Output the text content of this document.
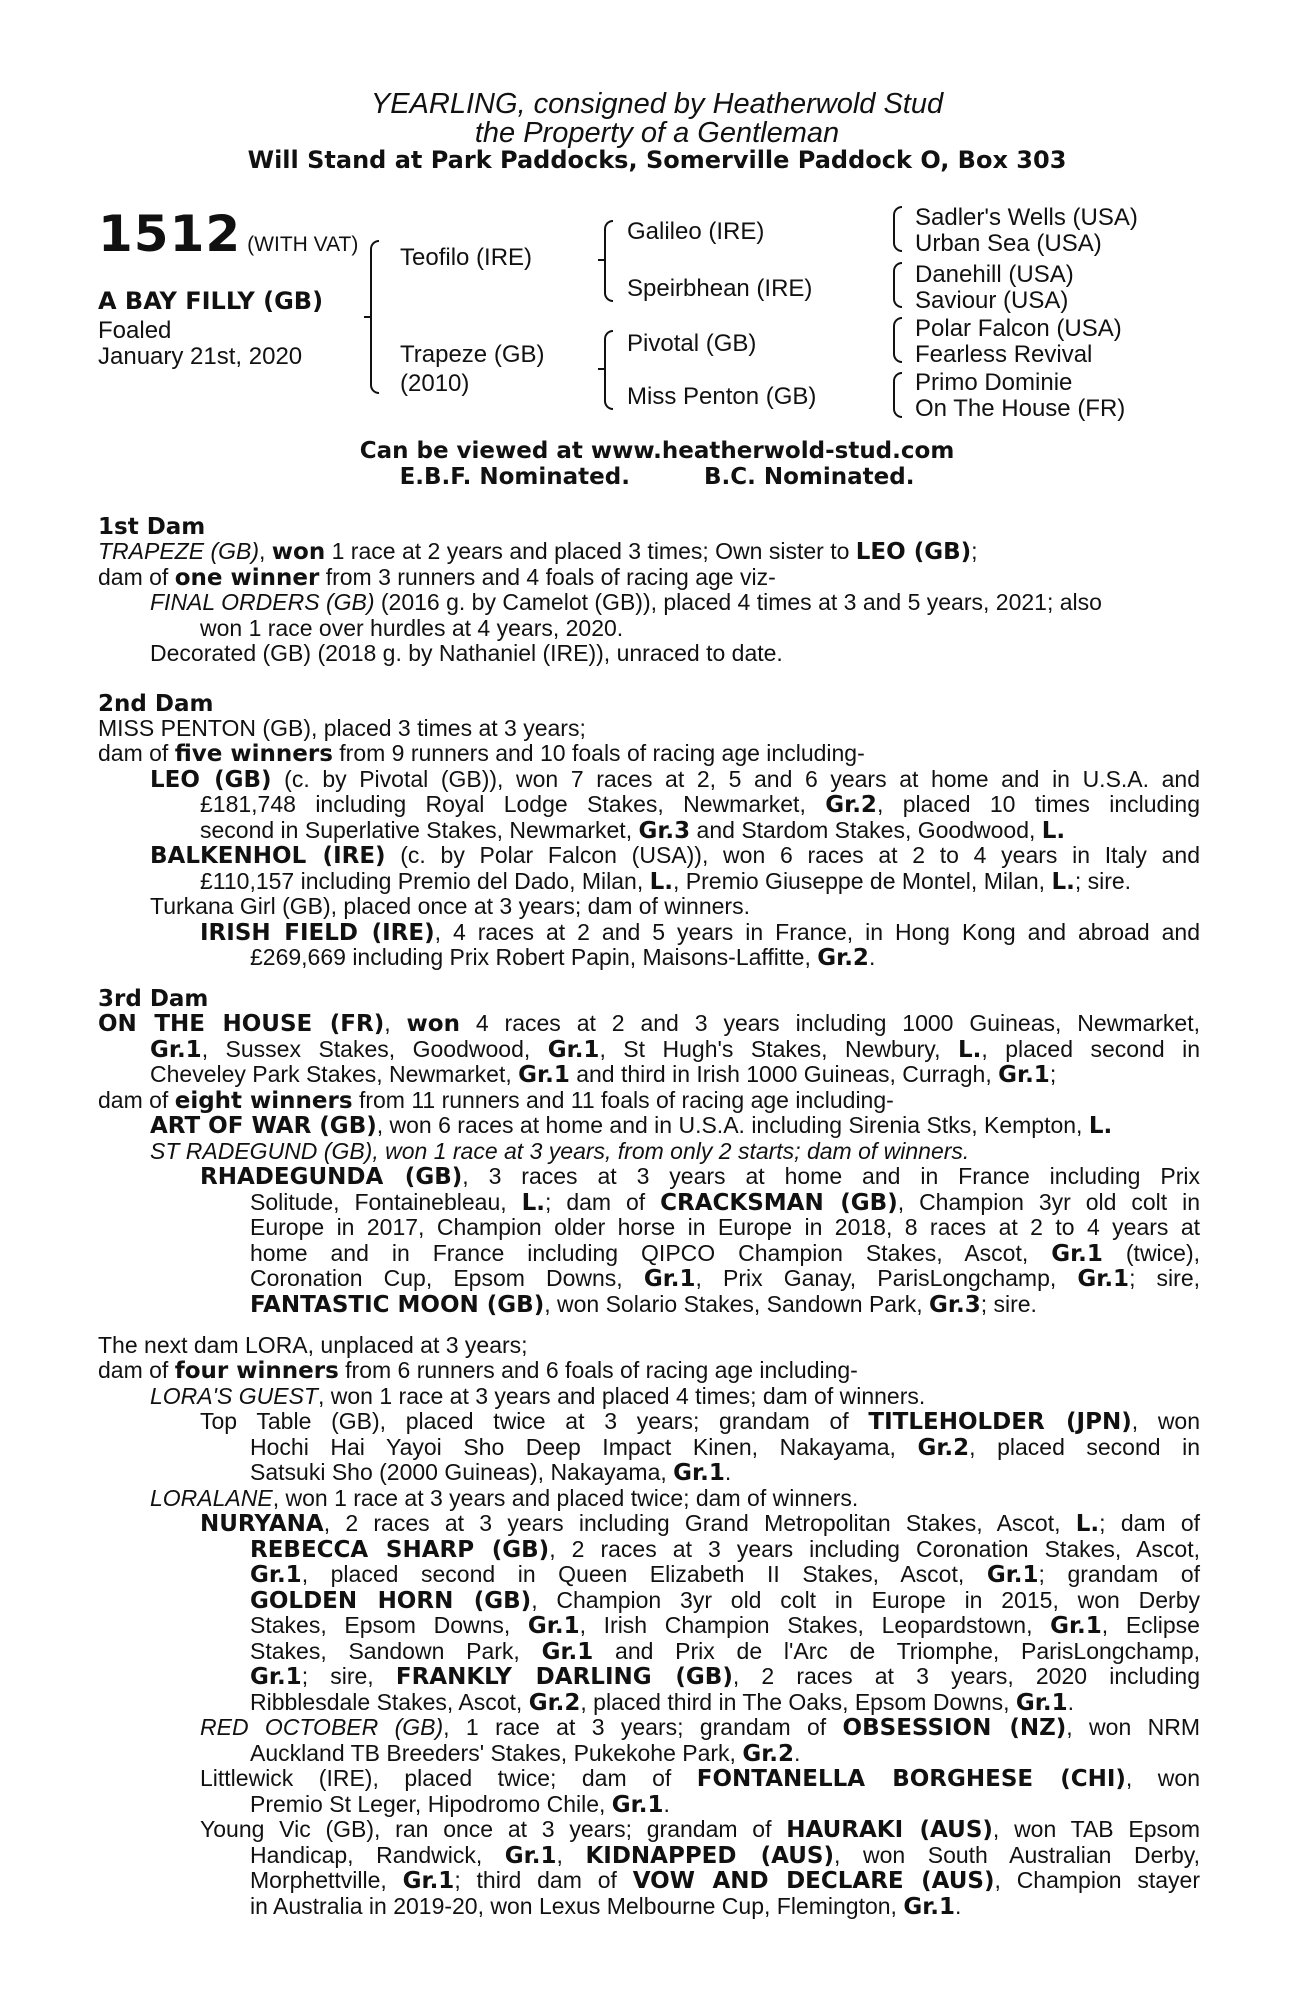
YEARLING, consigned by Heatherwold Stud
the Property of a Gentleman
Will Stand at Park Paddocks, Somerville Paddock O, Box 303
1512 (WITH VAT)
A BAY FILLY (GB)
Foaled
January 21st, 2020
Teofilo (IRE)
Trapeze (GB)
(2010)
Galileo (IRE)
Speirbhean (IRE)
Pivotal (GB)
Miss Penton (GB)
Sadler's Wells (USA)
Urban Sea (USA)
Danehill (USA)
Saviour (USA)
Polar Falcon (USA)
Fearless Revival
Primo Dominie
On The House (FR)
Can be viewed at www.heatherwold-stud.com
E.B.F. Nominated.	B.C. Nominated.
1st Dam
TRAPEZE (GB), won 1 race at 2 years and placed 3 times; Own sister to LEO (GB);
dam of one winner from 3 runners and 4 foals of racing age viz-
FINAL ORDERS (GB) (2016 g. by Camelot (GB)), placed 4 times at 3 and 5 years, 2021; also
won 1 race over hurdles at 4 years, 2020.
Decorated (GB) (2018 g. by Nathaniel (IRE)), unraced to date.
2nd Dam
MISS PENTON (GB), placed 3 times at 3 years;
dam of five winners from 9 runners and 10 foals of racing age including-
LEO (GB) (c. by Pivotal (GB)), won 7 races at 2, 5 and 6 years at home and in U.S.A. and
£181,748 including Royal Lodge Stakes, Newmarket, Gr.2, placed 10 times including
second in Superlative Stakes, Newmarket, Gr.3 and Stardom Stakes, Goodwood, L.
BALKENHOL (IRE) (c. by Polar Falcon (USA)), won 6 races at 2 to 4 years in Italy and
£110,157 including Premio del Dado, Milan, L., Premio Giuseppe de Montel, Milan, L.; sire.
Turkana Girl (GB), placed once at 3 years; dam of winners.
IRISH FIELD (IRE), 4 races at 2 and 5 years in France, in Hong Kong and abroad and
£269,669 including Prix Robert Papin, Maisons-Laffitte, Gr.2.
3rd Dam
ON THE HOUSE (FR), won 4 races at 2 and 3 years including 1000 Guineas, Newmarket,
Gr.1, Sussex Stakes, Goodwood, Gr.1, St Hugh's Stakes, Newbury, L., placed second in
Cheveley Park Stakes, Newmarket, Gr.1 and third in Irish 1000 Guineas, Curragh, Gr.1;
dam of eight winners from 11 runners and 11 foals of racing age including-
ART OF WAR (GB), won 6 races at home and in U.S.A. including Sirenia Stks, Kempton, L.
ST RADEGUND (GB), won 1 race at 3 years, from only 2 starts; dam of winners.
RHADEGUNDA (GB), 3 races at 3 years at home and in France including Prix
Solitude, Fontainebleau, L.; dam of CRACKSMAN (GB), Champion 3yr old colt in
Europe in 2017, Champion older horse in Europe in 2018, 8 races at 2 to 4 years at
home and in France including QIPCO Champion Stakes, Ascot, Gr.1 (twice),
Coronation Cup, Epsom Downs, Gr.1, Prix Ganay, ParisLongchamp, Gr.1; sire,
FANTASTIC MOON (GB), won Solario Stakes, Sandown Park, Gr.3; sire.
The next dam LORA, unplaced at 3 years;
dam of four winners from 6 runners and 6 foals of racing age including-
LORA'S GUEST, won 1 race at 3 years and placed 4 times; dam of winners.
Top Table (GB), placed twice at 3 years; grandam of TITLEHOLDER (JPN), won
Hochi Hai Yayoi Sho Deep Impact Kinen, Nakayama, Gr.2, placed second in
Satsuki Sho (2000 Guineas), Nakayama, Gr.1.
LORALANE, won 1 race at 3 years and placed twice; dam of winners.
NURYANA, 2 races at 3 years including Grand Metropolitan Stakes, Ascot, L.; dam of
REBECCA SHARP (GB), 2 races at 3 years including Coronation Stakes, Ascot,
Gr.1, placed second in Queen Elizabeth II Stakes, Ascot, Gr.1; grandam of
GOLDEN HORN (GB), Champion 3yr old colt in Europe in 2015, won Derby
Stakes, Epsom Downs, Gr.1, Irish Champion Stakes, Leopardstown, Gr.1, Eclipse
Stakes, Sandown Park, Gr.1 and Prix de l'Arc de Triomphe, ParisLongchamp,
Gr.1; sire, FRANKLY DARLING (GB), 2 races at 3 years, 2020 including
Ribblesdale Stakes, Ascot, Gr.2, placed third in The Oaks, Epsom Downs, Gr.1.
RED OCTOBER (GB), 1 race at 3 years; grandam of OBSESSION (NZ), won NRM
Auckland TB Breeders' Stakes, Pukekohe Park, Gr.2.
Littlewick (IRE), placed twice; dam of FONTANELLA BORGHESE (CHI), won
Premio St Leger, Hipodromo Chile, Gr.1.
Young Vic (GB), ran once at 3 years; grandam of HAURAKI (AUS), won TAB Epsom
Handicap, Randwick, Gr.1, KIDNAPPED (AUS), won South Australian Derby,
Morphettville, Gr.1; third dam of VOW AND DECLARE (AUS), Champion stayer
in Australia in 2019-20, won Lexus Melbourne Cup, Flemington, Gr.1.
